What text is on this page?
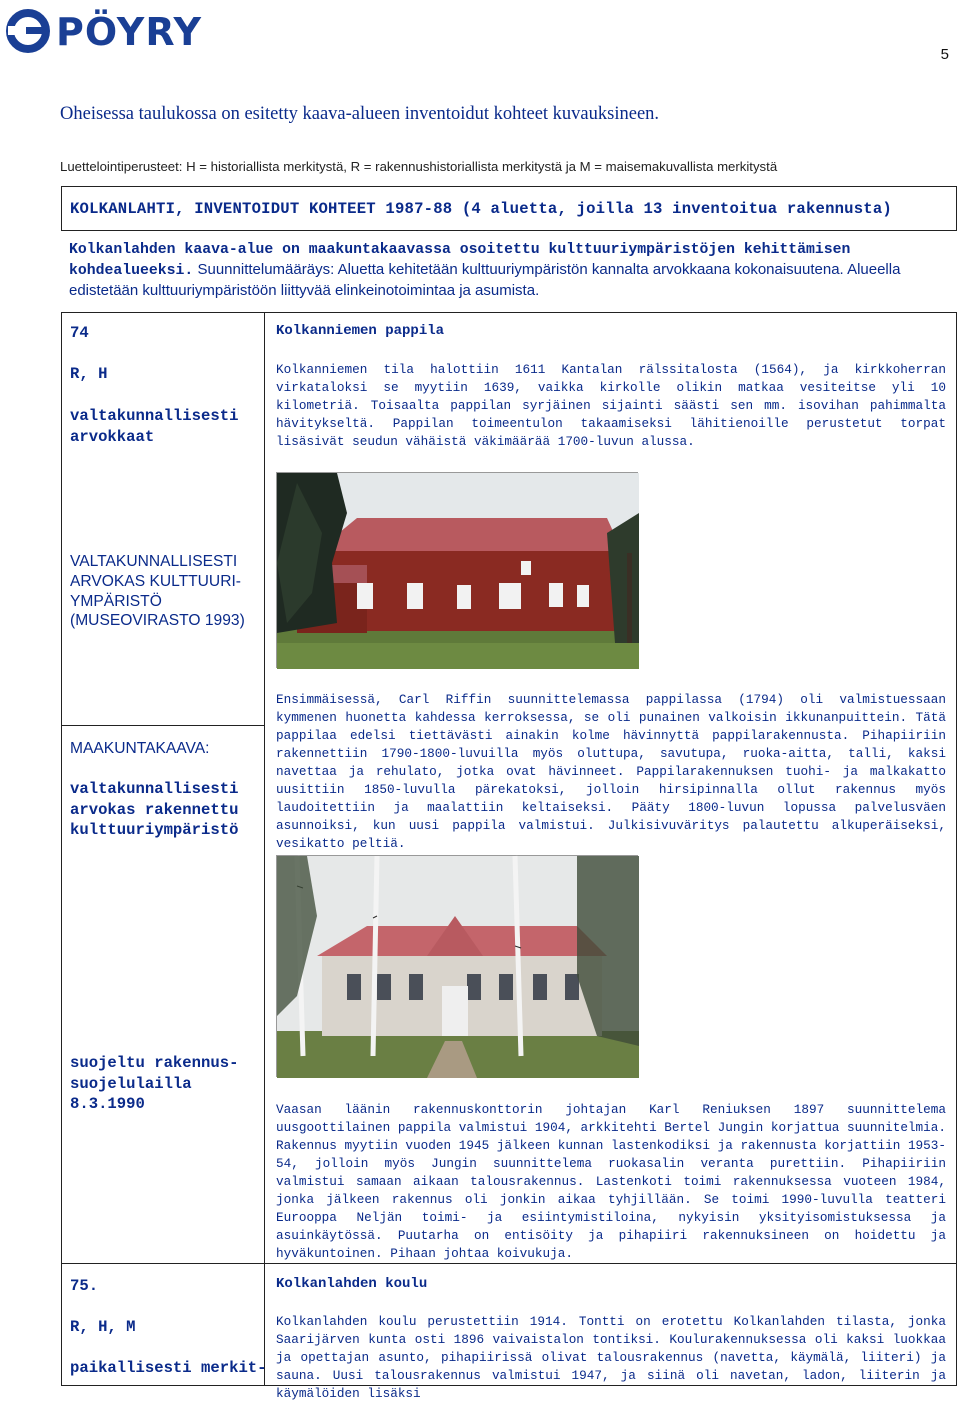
PÖYRY
5
Oheisessa taulukossa on esitetty kaava-alueen inventoidut kohteet kuvauksineen.
Luettelointiperusteet: H = historiallista merkitystä, R = rakennushistoriallista merkitystä ja M = maisemakuvallista merkitystä
KOLKANLAHTI, INVENTOIDUT KOHTEET 1987-88 (4 aluetta, joilla 13 inventoitua rakennusta)
Kolkanlahden kaava-alue on maakuntakaavassa osoitettu kulttuuriympäristöjen kehittämisen kohdealueeksi. Suunnittelumääräys: Aluetta kehitetään kulttuuriympäristön kannalta arvokkaana kokonaisuutena. Alueella edistetään kulttuuriympäristöön liittyvää elinkeinotoimintaa ja asumista.
74
R, H
valtakunnallisesti arvokkaat
VALTAKUNNALLISESTI ARVOKAS KULTTUURI-YMPÄRISTÖ (MUSEOVIRASTO 1993)
MAAKUNTAKAAVA:
valtakunnallisesti arvokas rakennettu kulttuuriympäristö
suojeltu rakennus-suojelulailla 8.3.1990
Kolkanniemen pappila
Kolkanniemen tila halottiin 1611 Kantalan rälssitalosta (1564), ja kirkkoherran virkataloksi se myytiin 1639, vaikka kirkolle olikin matkaa vesiteitse yli 10 kilometriä. Toisaalta pappilan syrjäinen sijainti säästi sen mm. isovihan pahimmalta hävitykseltä. Pappilan toimeentulon takaamiseksi lähitienoille perustetut torpat lisäsivät seudun vähäistä väkimäärää 1700-luvun alussa.
Ensimmäisessä, Carl Riffin suunnittelemassa pappilassa (1794) oli valmistuessaan kymmenen huonetta kahdessa kerroksessa, se oli punainen valkoisin ikkunanpuittein. Tätä pappilaa edelsi tiettävästi ainakin kolme hävinnyttä pappilarakennusta. Pihapiiriin rakennettiin 1790-1800-luvuilla myös oluttupa, savutupa, ruoka-aitta, talli, kaksi navettaa ja rehulato, jotka ovat hävinneet. Pappilarakennuksen tuohi- ja malkakatto uusittiin 1850-luvulla pärekatoksi, jolloin hirsipinnalla ollut rakennus myös laudoitettiin ja maalattiin keltaiseksi. Pääty 1800-luvun lopussa palvelusväen asunnoiksi, kun uusi pappila valmistui. Julkisivuväritys palautettu alkuperäiseksi, vesikatto peltiä.
Vaasan läänin rakennuskonttorin johtajan Karl Reniuksen 1897 suunnittelema uusgoottilainen pappila valmistui 1904, arkkitehti Bertel Jungin korjattua suunnitelmia. Rakennus myytiin vuoden 1945 jälkeen kunnan lastenkodiksi ja rakennusta korjattiin 1953-54, jolloin myös Jungin suunnittelema ruokasalin veranta purettiin. Pihapiiriin valmistui samaan aikaan talousrakennus. Lastenkoti toimi rakennuksessa vuoteen 1984, jonka jälkeen rakennus oli jonkin aikaa tyhjillään. Se toimi 1990-luvulla teatteri Eurooppa Neljän toimi- ja esiintymistiloina, nykyisin yksityisomistuksessa ja asuinkäytössä. Puutarha on entisöity ja pihapiiri rakennuksineen on hoidettu ja hyväkuntoinen. Pihaan johtaa koivukuja.
75.
R, H, M
paikallisesti merkit-
Kolkanlahden koulu
Kolkanlahden koulu perustettiin 1914. Tontti on erotettu Kolkanlahden tilasta, jonka Saarijärven kunta osti 1896 vaivaistalon tontiksi. Koulurakennuksessa oli kaksi luokkaa ja opettajan asunto, pihapiirissä olivat talousrakennus (navetta, käymälä, liiteri) ja sauna. Uusi talousrakennus valmistui 1947, ja siinä oli navetan, ladon, liiterin ja käymälöiden lisäksi
